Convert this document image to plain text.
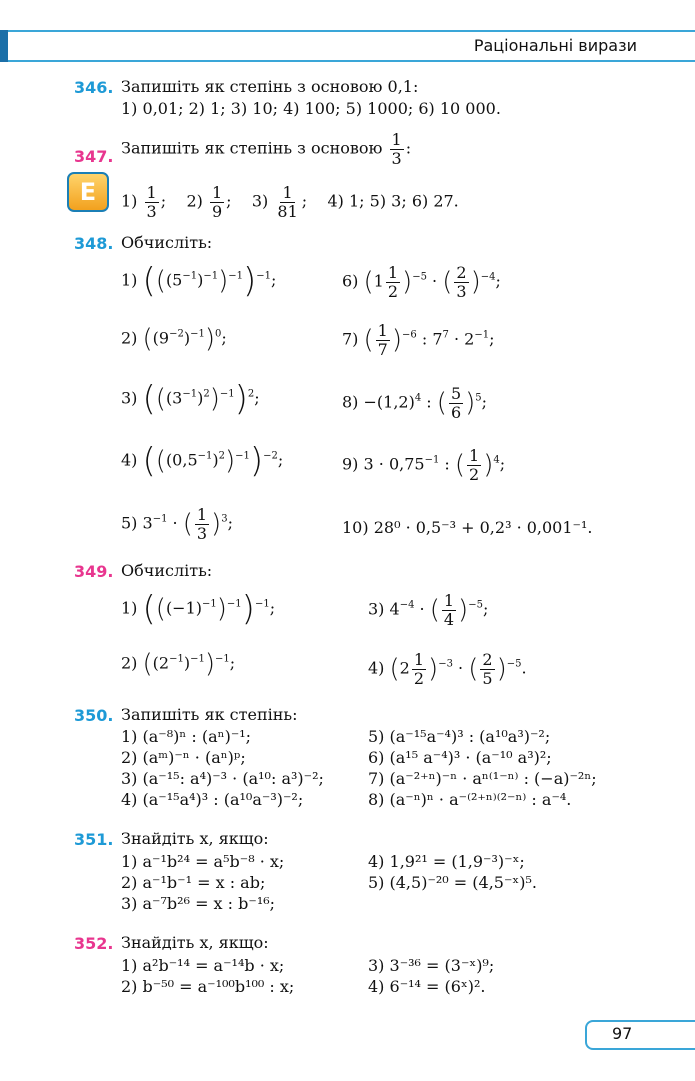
Раціональні вирази
346. Запишіть як степінь з основою 0,1:
1) 0,01; 2) 1; 3) 10; 4) 100; 5) 1000; 6) 10 000.
347. Запишіть як степінь з основою $\frac{1}{3}$ :
E	$1) \frac{1}{3}$ ;    $2) \frac{1}{9}$ ;    $3) \frac{1}{81}$ ;    4) 1; 5) 3; 6) 27.
348. Обчисліть:
1) $(((5^{-1})^{-1})^{-1})^{-1}$;
2) $((9^{-2})^{-1})^0$;
3) $(((3^{-1})^2)^{-1})^2$;
4) $(((0,5^{-1})^2)^{-1})^{-2}$;
5) $3^{-1}$ · ( $\frac{1}{3} )^3$;
6) $(1 \frac{1}{2} )^{-5}$ · ( $\frac{2}{3} )^{-4}$;
7) ( $\frac{1}{7} )^{-6}$ : $7^7 \cdot 2^{-1}$;
$8) -(1,2)^4$ : ( $\frac{5}{6} )^5$;
9) $3 \cdot 0,75^{-1}$ : ( $\frac{1}{2} )^4$;
10) 28⁰ · 0,5⁻³ + 0,2³ · 0,001⁻¹.
349. Обчисліть:
1) $(((-1)^{-1})^{-1})^{-1}$;
2) $((2^{-1})^{-1})^{-1}$;
3) $4^{-4}$ · ( $\frac{1}{4} )^{-5}$;
4) $(2 \frac{1}{2} )^{-3}$ · ( $\frac{2}{5} )^{-5}$.
350. Запишіть як степінь:
1) (a⁻⁸)ⁿ : (aⁿ)⁻¹;
2) (aᵐ)⁻ⁿ · (aⁿ)ᵖ;
3) (a⁻¹⁵: a⁴)⁻³ · (a¹⁰: a³)⁻²;
4) (a⁻¹⁵a⁴)³ : (a¹⁰a⁻³)⁻²;
5) (a⁻¹⁵a⁻⁴)³ : (a¹⁰a³)⁻²;
6) (a¹⁵ a⁻⁴)³ · (a⁻¹⁰ a³)²;
7) (a⁻²⁺ⁿ)⁻ⁿ · aⁿ⁽¹⁻ⁿ⁾ : (−a)⁻²ⁿ;
8) (a⁻ⁿ)ⁿ · a⁻⁽²⁺ⁿ⁾⁽²⁻ⁿ⁾ : a⁻⁴.
351. Знайдіть x, якщо:
1) a⁻¹b²⁴ = a⁵b⁻⁸ · x;
2) a⁻¹b⁻¹ = x : ab;
3) a⁻⁷b²⁶ = x : b⁻¹⁶;
4) 1,9²¹ = (1,9⁻³)⁻ˣ;
5) (4,5)⁻²⁰ = (4,5⁻ˣ)⁵.
352. Знайдіть x, якщо:
1) a²b⁻¹⁴ = a⁻¹⁴b · x;
2) b⁻⁵⁰ = a⁻¹⁰⁰b¹⁰⁰ : x;
3) 3⁻³⁶ = (3⁻ˣ)⁹;
4) 6⁻¹⁴ = (6ˣ)².
97
